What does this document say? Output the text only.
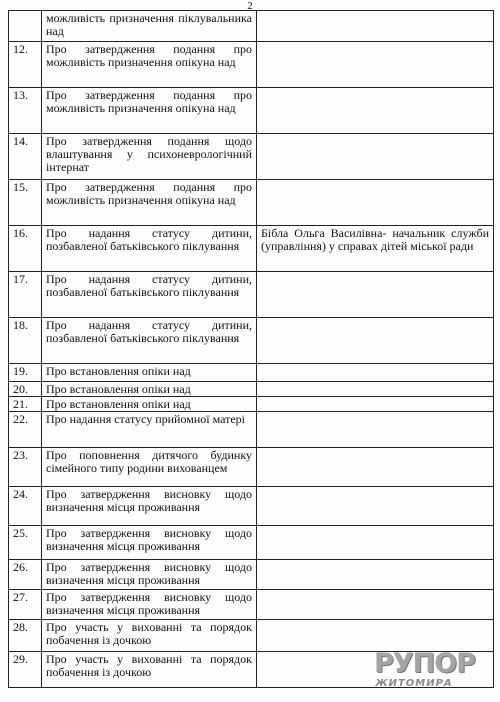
2
	можливість призначення піклувальника над	
12.	Про затвердження подання про можливість призначення опікуна над	
13.	Про затвердження подання про можливість призначення опікуна над	
14.	Про затвердження подання щодо влаштування у психоневрологічний інтернат	
15.	Про затвердження подання про можливість призначення опікуна над	
16.	Про надання статусу дитини, позбавленої батьківського піклування	Бібла Ольга Василівна- начальник служби (управління) у справах дітей міської ради
17.	Про надання статусу дитини, позбавленої батьківського піклування	
18.	Про надання статусу дитини, позбавленої батьківського піклування	
19.	Про встановлення опіки над	
20.	Про встановлення опіки над	
21.	Про встановлення опіки над	
22.	Про надання статусу прийомної матері	
23.	Про поповнення дитячого будинку сімейного типу родини вихованцем	
24.	Про затвердження висновку щодо визначення місця проживання	
25.	Про затвердження висновку щодо визначення місця проживання	
26.	Про затвердження висновку щодо визначення місця проживання	
27.	Про затвердження висновку щодо визначення місця проживання	
28.	Про участь у вихованні та порядок побачення із дочкою	
29.	Про участь у вихованні та порядок побачення із дочкою		РУПОР
ЖИТОМИРА
